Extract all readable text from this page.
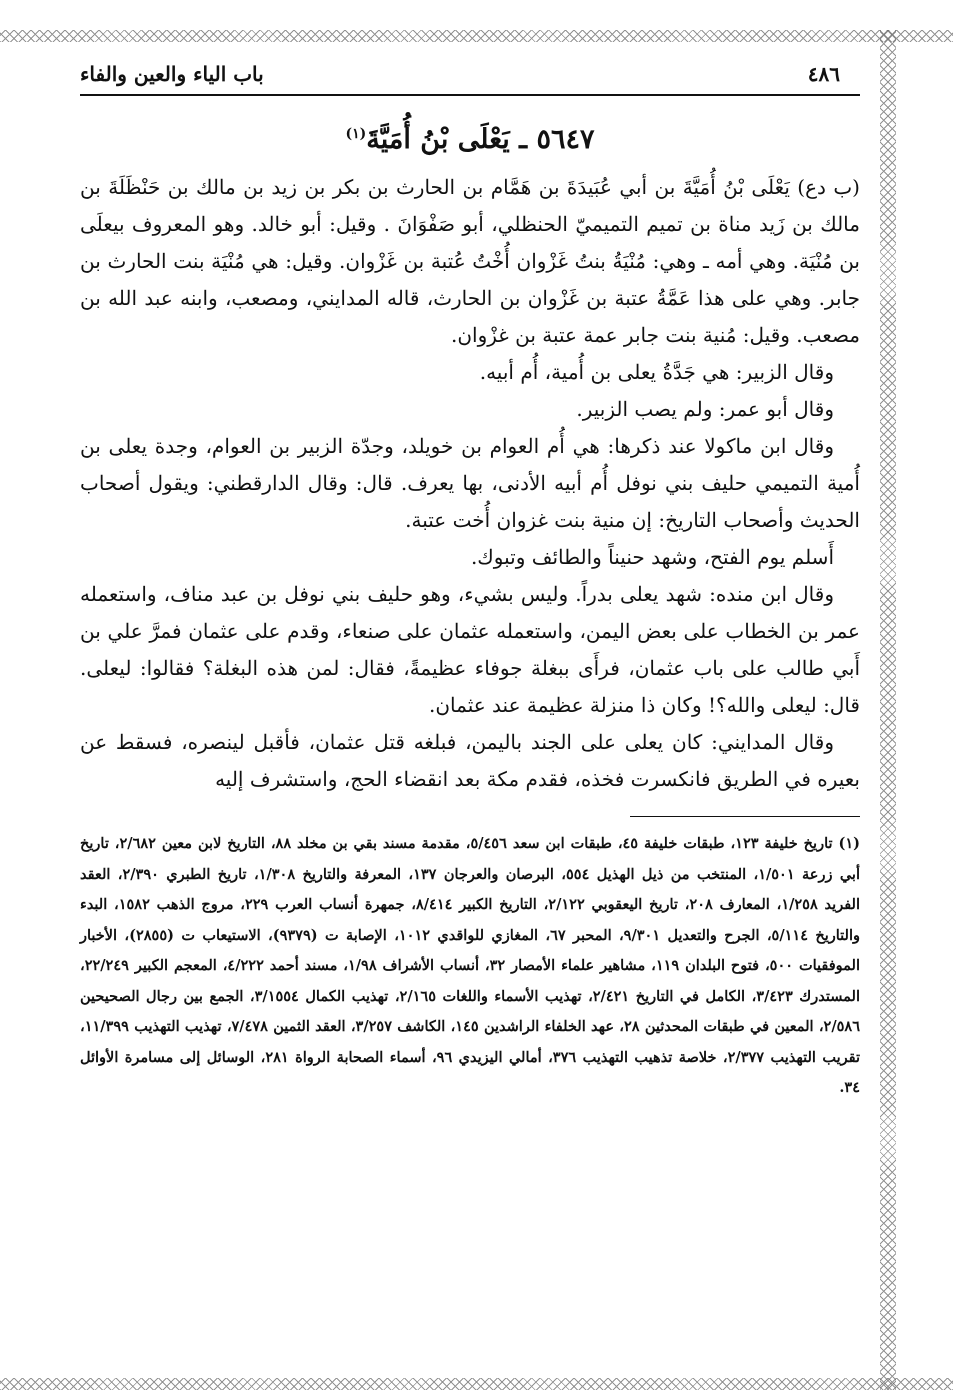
٤٨٦
باب الياء والعين والفاء
٥٦٤٧ ـ يَعْلَى بْنُ أُمَيَّةَ$^{(١)}$

(ب دع) يَعْلَى بْنُ أُمَيَّةَ بن أبي عُبَيدَةَ بن هَمَّام بن الحارث بن بكر بن زيد بن مالك بن حَنْظَلَةَ بن مالك بن زَيد مناة بن تميم التميميّ الحنظلي، أبو صَفْوَانَ . وقيل: أبو خالد. وهو المعروف بيعلَى بن مُنْيَة. وهي أمه ـ وهي: مُنْيَةُ بنتُ غَزْوان أُخْتُ عُتبة بن غَزْوان. وقيل: هي مُنْيَة بنت الحارث بن جابر. وهي على هذا عَمَّةُ عتبة بن غَزْوان بن الحارث، قاله المدايني، ومصعب، وابنه عبد الله بن مصعب. وقيل: مُنية بنت جابر عمة عتبة بن غزْوان.

وقال الزبير: هي جَدَّةُ يعلى بن أُمية، أُم أبيه.

وقال أبو عمر: ولم يصب الزبير.

وقال ابن ماكولا عند ذكرها: هي أُم العوام بن خويلد، وجدّة الزبير بن العوام، وجدة يعلى بن أُمية التميمي حليف بني نوفل أُم أبيه الأدنى، بها يعرف. قال: وقال الدارقطني: ويقول أصحاب الحديث وأصحاب التاريخ: إن منية بنت غزوان أُخت عتبة.

أَسلم يوم الفتح، وشهد حنيناً والطائف وتبوك.

وقال ابن منده: شهد يعلى بدراً. وليس بشيء، وهو حليف بني نوفل بن عبد مناف، واستعمله عمر بن الخطاب على بعض اليمن، واستعمله عثمان على صنعاء، وقدم على عثمان فمرَّ علي بن أَبي طالب على باب عثمان، فرأَى ببغلة جوفاء عظيمةً، فقال: لمن هذه البغلة؟ فقالوا: ليعلى. قال: ليعلى والله؟! وكان ذا منزلة عظيمة عند عثمان.

وقال المدايني: كان يعلى على الجند باليمن، فبلغه قتل عثمان، فأقبل لينصره، فسقط عن بعيره في الطريق فانكسرت فخذه، فقدم مكة بعد انقضاء الحج، واستشرف إليه

(١) تاريخ خليفة ١٢٣، طبقات خليفة ٤٥، طبقات ابن سعد ٥/٤٥٦، مقدمة مسند بقي بن مخلد ٨٨، التاريخ لابن معين ٢/٦٨٢، تاريخ أبي زرعة ١/٥٠١، المنتخب من ذيل الهذيل ٥٥٤، البرصان والعرجان ١٣٧، المعرفة والتاريخ ١/٣٠٨، تاريخ الطبري ٢/٣٩٠، العقد الفريد ١/٢٥٨، المعارف ٢٠٨، تاريخ اليعقوبي ٢/١٢٢، التاريخ الكبير ٨/٤١٤، جمهرة أنساب العرب ٢٢٩، مروج الذهب ١٥٨٢، البدء والتاريخ ٥/١١٤، الجرح والتعديل ٩/٣٠١، المحبر ٦٧، المغازي للواقدي ١٠١٢، الإصابة ت (٩٣٧٩)، الاستيعاب ت (٢٨٥٥)، الأخبار الموفقيات ٥٠٠، فتوح البلدان ١١٩، مشاهير علماء الأمصار ٣٢، أنساب الأشراف ١/٩٨، مسند أحمد ٤/٢٢٢، المعجم الكبير ٢٢/٢٤٩، المستدرك ٣/٤٢٣، الكامل في التاريخ ٢/٤٢١، تهذيب الأسماء واللغات ٢/١٦٥، تهذيب الكمال ٣/١٥٥٤، الجمع بين رجال الصحيحين ٢/٥٨٦، المعين في طبقات المحدثين ٢٨، عهد الخلفاء الراشدين ١٤٥، الكاشف ٣/٢٥٧، العقد الثمين ٧/٤٧٨، تهذيب التهذيب ١١/٣٩٩، تقريب التهذيب ٢/٣٧٧، خلاصة تذهيب التهذيب ٣٧٦، أمالي اليزيدي ٩٦، أسماء الصحابة الرواة ٢٨١، الوسائل إلى مسامرة الأوائل ٣٤.
